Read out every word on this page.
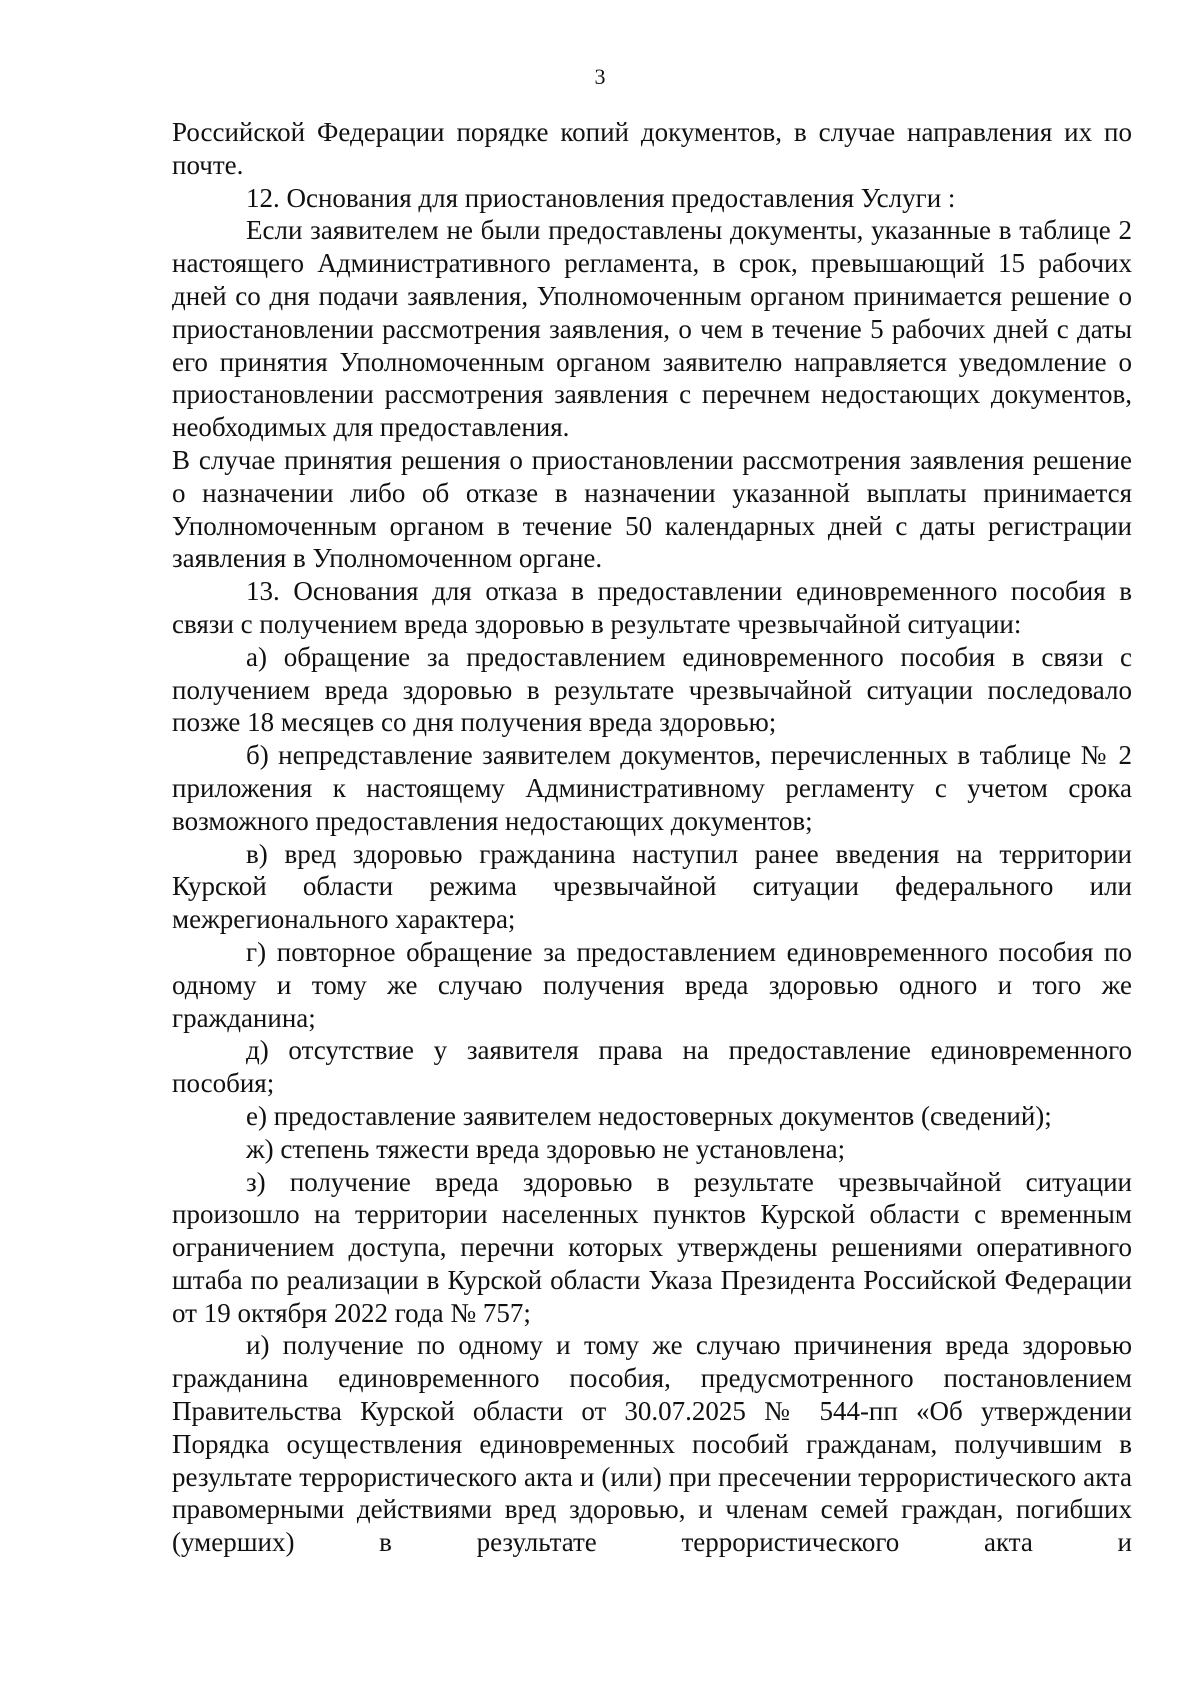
3

Российской Федерации порядке копий документов, в случае направления их по почте.

12. Основания для приостановления предоставления Услуги :

Если заявителем не были предоставлены документы, указанные в таблице 2 настоящего Административного регламента, в срок, превышающий 15 рабочих дней со дня подачи заявления, Уполномоченным органом принимается решение о приостановлении рассмотрения заявления, о чем в течение 5 рабочих дней с даты его принятия Уполномоченным органом заявителю направляется уведомление о приостановлении рассмотрения заявления с перечнем недостающих документов, необходимых для предоставления.

В случае принятия решения о приостановлении рассмотрения заявления решение о назначении либо об отказе в назначении указанной выплаты принимается Уполномоченным органом в течение 50 календарных дней с даты регистрации заявления в Уполномоченном органе.

13. Основания для отказа в предоставлении единовременного пособия в связи с получением вреда здоровью в результате чрезвычайной ситуации:

а) обращение за предоставлением единовременного пособия в связи с получением вреда здоровью в результате чрезвычайной ситуации последовало позже 18 месяцев со дня получения вреда здоровью;

б) непредставление заявителем документов, перечисленных в таблице № 2 приложения к настоящему Административному регламенту с учетом срока возможного предоставления недостающих документов;

в) вред здоровью гражданина наступил ранее введения на территории Курской области режима чрезвычайной ситуации федерального или межрегионального характера;

г) повторное обращение за предоставлением единовременного пособия по одному и тому же случаю получения вреда здоровью одного и того же гражданина;

д) отсутствие у заявителя права на предоставление единовременного пособия;

е) предоставление заявителем недостоверных документов (сведений);

ж) степень тяжести вреда здоровью не установлена;

з) получение вреда здоровью в результате чрезвычайной ситуации произошло на территории населенных пунктов Курской области с временным ограничением доступа, перечни которых утверждены решениями оперативного штаба по реализации в Курской области Указа Президента Российской Федерации от 19 октября 2022 года № 757;

и) получение по одному и тому же случаю причинения вреда здоровью гражданина единовременного пособия, предусмотренного постановлением Правительства Курской области от 30.07.2025 № 544-пп «Об утверждении Порядка осуществления единовременных пособий гражданам, получившим в результате террористического акта и (или) при пресечении террористического акта правомерными действиями вред здоровью, и членам семей граждан, погибших (умерших) в результате террористического акта и
